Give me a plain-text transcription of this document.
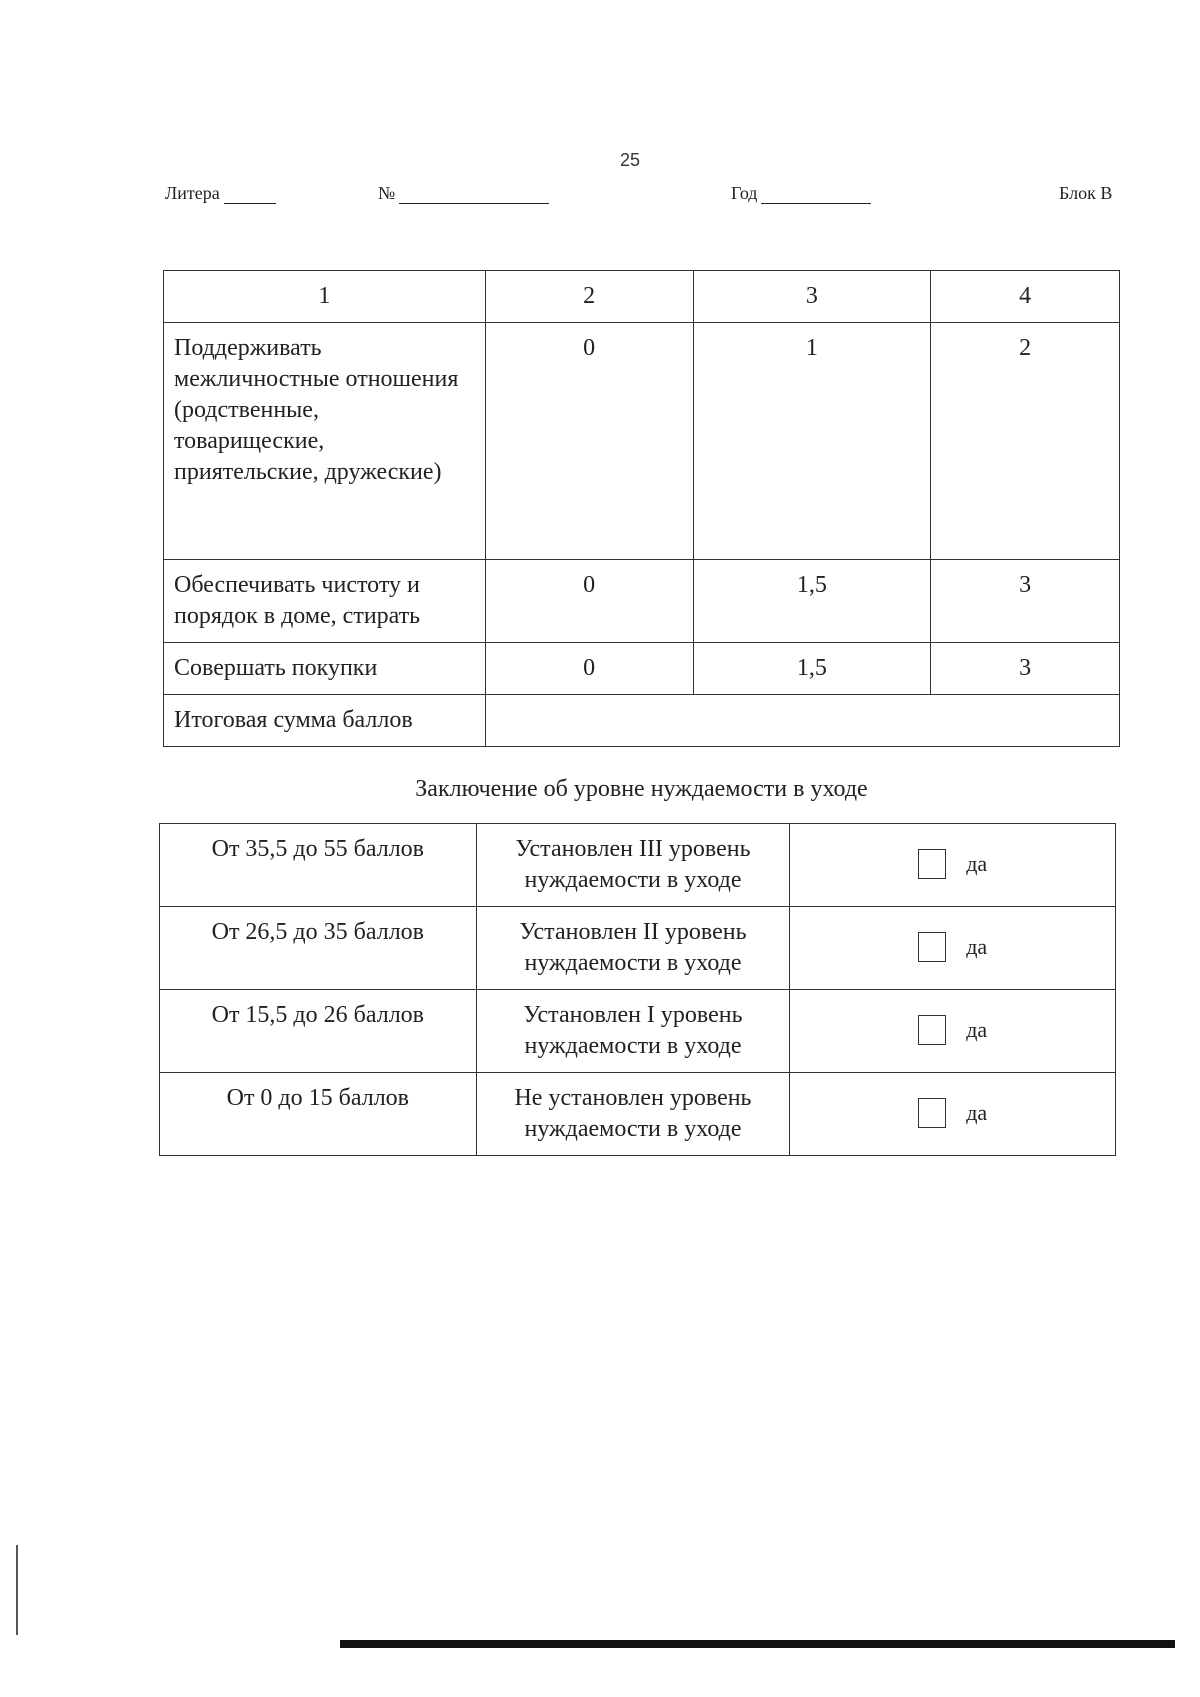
25
Литера	№	Год	Блок В
1	2	3	4
Поддерживать межличностные отношения (родственные, товарищеские, приятельские, дружеские)	0	1	2
Обеспечивать чистоту и порядок в доме, стирать	0	1,5	3
Совершать покупки	0	1,5	3
Итоговая сумма баллов			
Заключение об уровне нуждаемости в уходе
От 35,5 до 55 баллов	Установлен III уровень нуждаемости в уходе	да

От 26,5 до 35 баллов	Установлен II уровень нуждаемости в уходе	да

От 15,5 до 26 баллов	Установлен I уровень нуждаемости в уходе	да

От 0 до 15 баллов	Не установлен уровень нуждаемости в уходе	да
